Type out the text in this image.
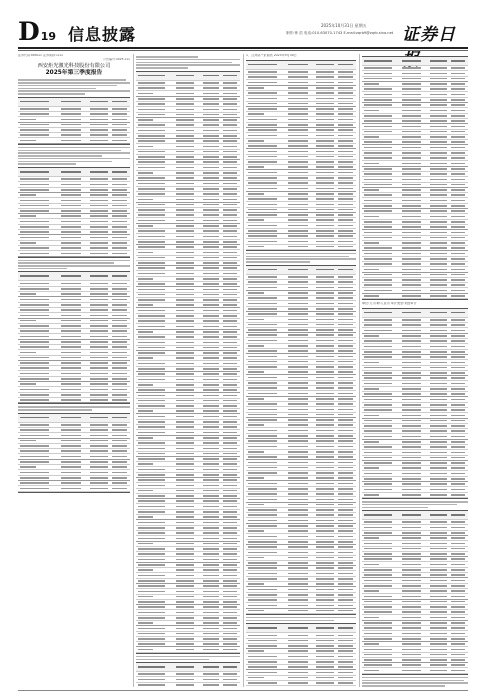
D 19 信息披露	2025年10月31日 星期五
制作:钟 浩 电话:010-63070-1743 E-mail:zqrb9@zqrb.sina.net 证券日
证券代码:688xxx 证券简称:xxxx
公告编号:2025-xxx
西安炬光激光科技股份有限公司
2025年第三季度报告
1、合并资产负债表 2025年9月30日
单位:元 币种:人民币 审计类型:未经审计
